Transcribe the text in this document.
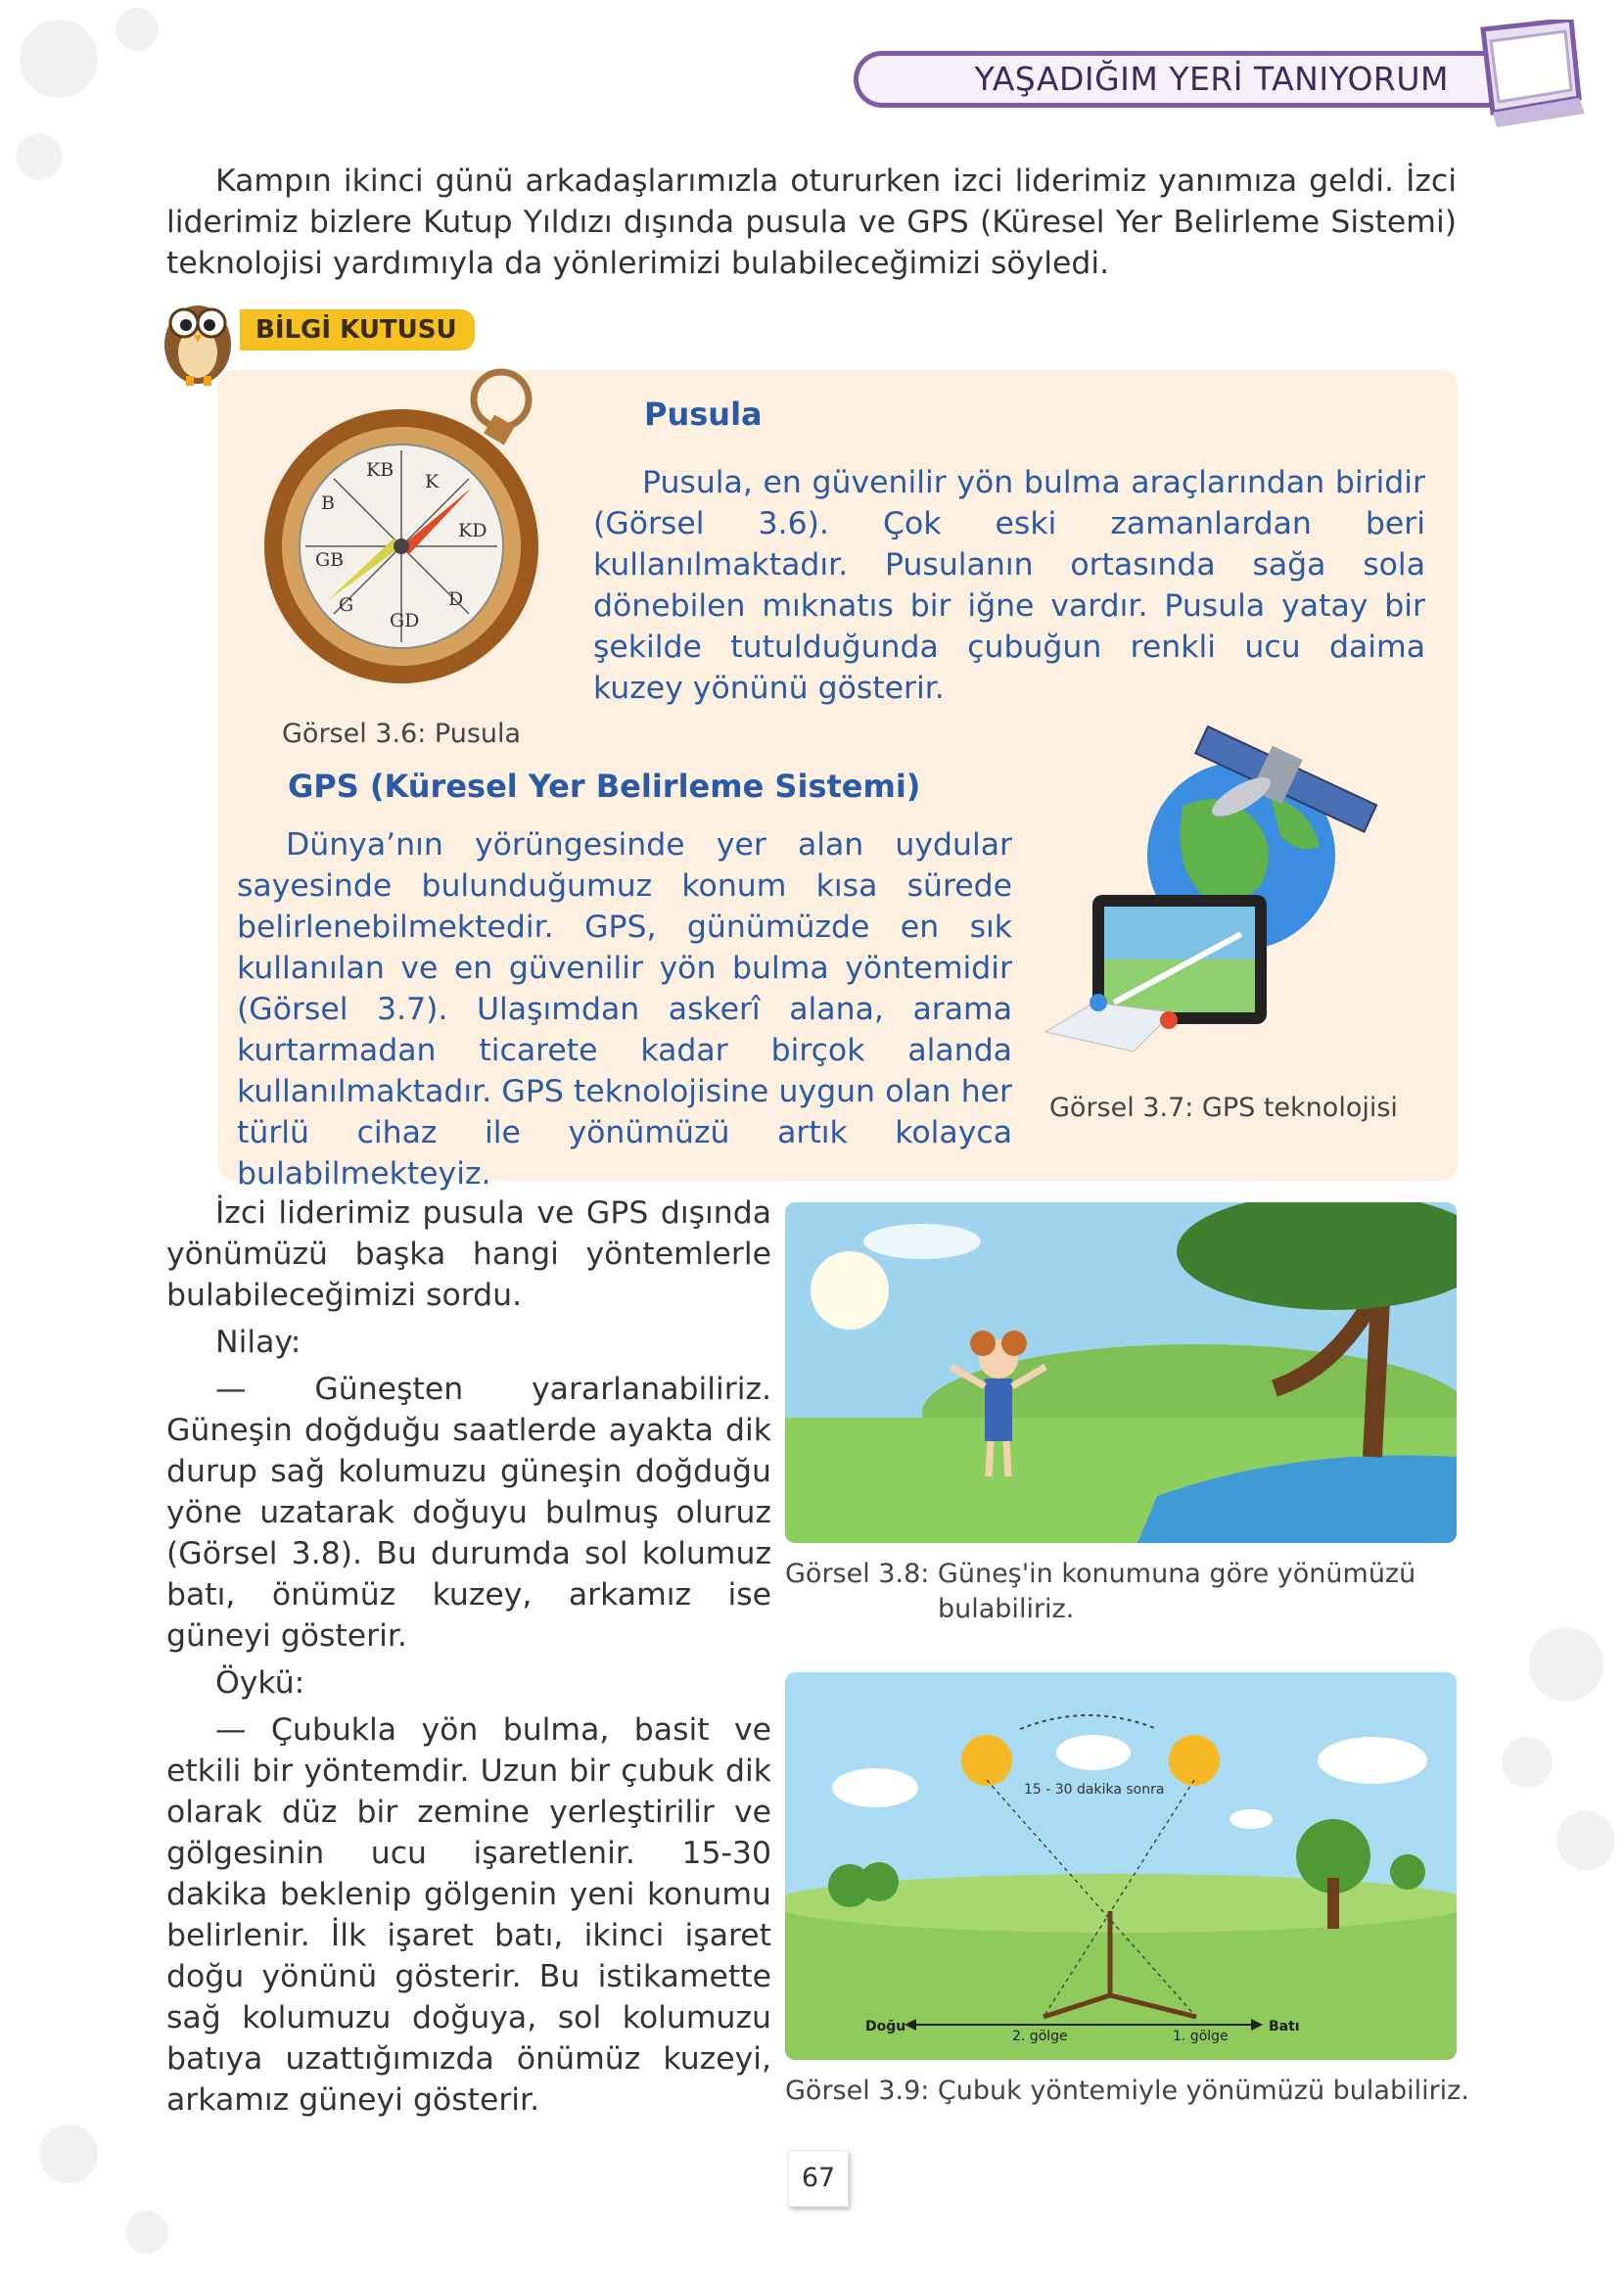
YAŞADIĞIM YERİ TANIYORUM

Kampın ikinci günü arkadaşlarımızla otururken izci liderimiz yanımıza geldi. İzci liderimiz bizlere Kutup Yıldızı dışında pusula ve GPS (Küresel Yer Belirleme Sistemi) teknolojisi yardımıyla da yönlerimizi bulabileceğimizi söyledi.

BİLGİ KUTUSU
K
KD
D
GD
G
GB
B
KB
Görsel 3.6: Pusula
Pusula

Pusula, en güvenilir yön bulma araçlarından biridir (Görsel 3.6). Çok eski zamanlardan beri kullanılmaktadır. Pusulanın ortasında sağa sola dönebilen mıknatıs bir iğne vardır. Pusula yatay bir şekilde tutulduğunda çubuğun renkli ucu daima kuzey yönünü gösterir.

GPS (Küresel Yer Belirleme Sistemi)

Dünya’nın yörüngesinde yer alan uydular sayesinde bulunduğumuz konum kısa sürede belirlenebilmektedir. GPS, günümüzde en sık kullanılan ve en güvenilir yön bulma yöntemidir (Görsel 3.7). Ulaşımdan askerî alana, arama kurtarmadan ticarete kadar birçok alanda kullanılmaktadır. GPS teknolojisine uygun olan her türlü cihaz ile yönümüzü artık kolayca bulabilmekteyiz.

Görsel 3.7: GPS teknolojisi

İzci liderimiz pusula ve GPS dışında yönümüzü başka hangi yöntemlerle bulabileceğimizi sordu.

Nilay:

— Güneşten yararlanabiliriz. Güneşin doğduğu saatlerde ayakta dik durup sağ kolumuzu güneşin doğduğu yöne uzatarak doğuyu bulmuş oluruz (Görsel 3.8). Bu durumda sol kolumuz batı, önümüz kuzey, arkamız ise güneyi gösterir.

Öykü:

— Çubukla yön bulma, basit ve etkili bir yöntemdir. Uzun bir çubuk dik olarak düz bir zemine yerleştirilir ve gölgesinin ucu işaretlenir. 15-30 dakika beklenip gölgenin yeni konumu belirlenir. İlk işaret batı, ikinci işaret doğu yönünü gösterir. Bu istikamette sağ kolumuzu doğuya, sol kolumuzu batıya uzattığımızda önümüz kuzeyi, arkamız güneyi gösterir.

Görsel 3.8: Güneş'in konumuna göre yönümüzü
bulabiliriz.
15 - 30 dakika sonra
Doğu	Batı
2. gölge	1. gölge
Görsel 3.9: Çubuk yöntemiyle yönümüzü bulabiliriz.
67
